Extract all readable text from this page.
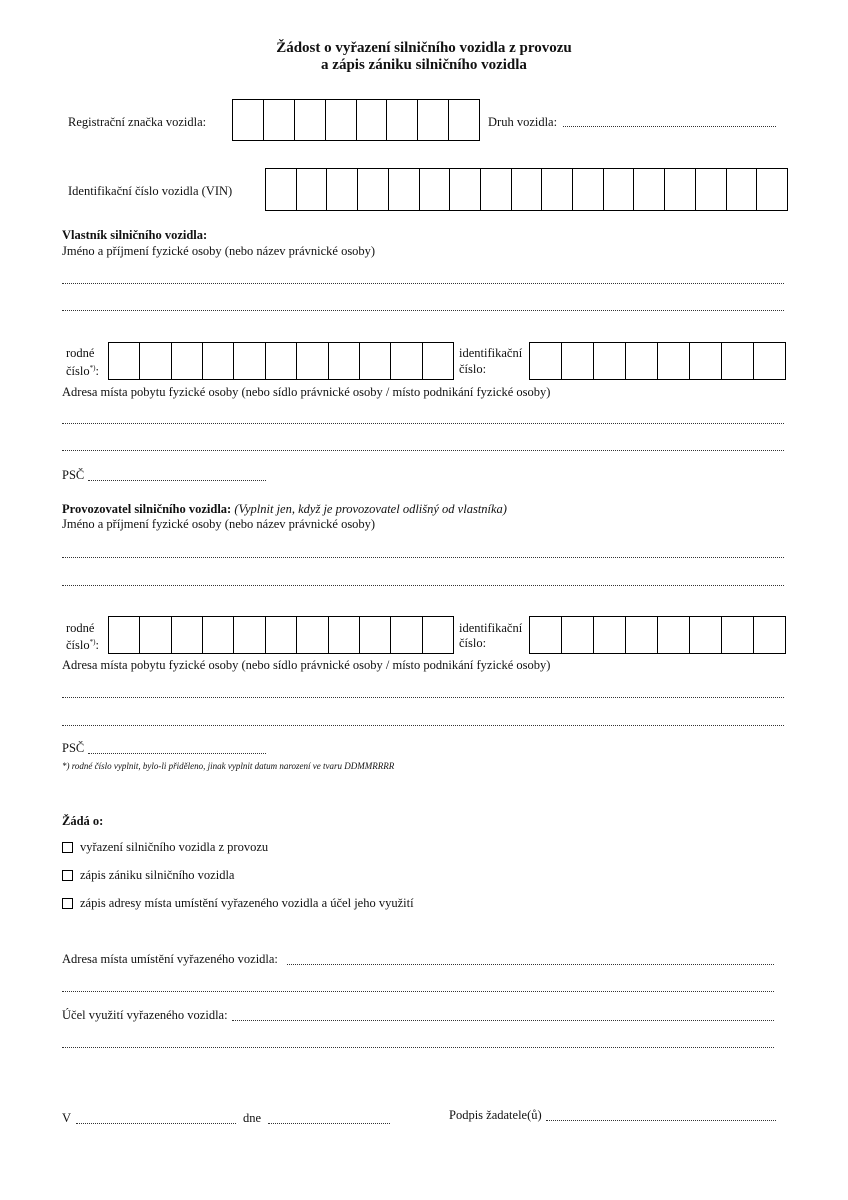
Žádost o vyřazení silničního vozidla z provozu
a zápis zániku silničního vozidla
Registrační značka vozidla:	Druh vozidla:
Identifikační číslo vozidla (VIN)
Vlastník silničního vozidla:
Jméno a příjmení fyzické osoby (nebo název právnické osoby)
rodné
číslo*):
identifikační
číslo:
Adresa místa pobytu fyzické osoby (nebo sídlo právnické osoby / místo podnikání fyzické osoby)
PSČ
Provozovatel silničního vozidla: (Vyplnit jen, když je provozovatel odlišný od vlastníka)
Jméno a příjmení fyzické osoby (nebo název právnické osoby)
rodné
číslo*):
identifikační
číslo:
Adresa místa pobytu fyzické osoby (nebo sídlo právnické osoby / místo podnikání fyzické osoby)
PSČ
*) rodné číslo vyplnit, bylo-li přiděleno, jinak vyplnit datum narození ve tvaru DDMMRRRR
Žádá o:
vyřazení silničního vozidla z provozu
zápis zániku silničního vozidla
zápis adresy místa umístění vyřazeného vozidla a účel jeho využití
Adresa místa umístění vyřazeného vozidla:
Účel využití vyřazeného vozidla:
V	dne	Podpis žadatele(ů)
